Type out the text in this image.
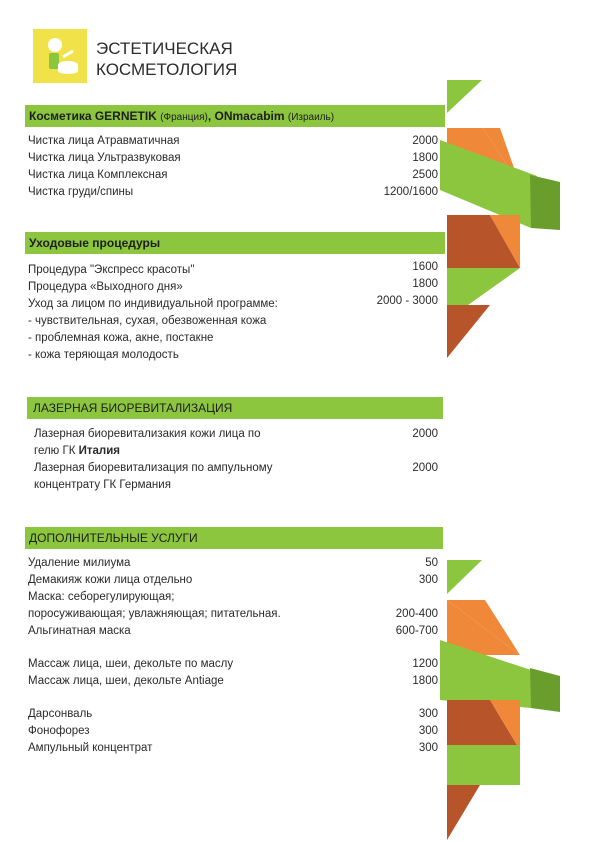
ЭСТЕТИЧЕСКАЯ
КОСМЕТОЛОГИЯ
Косметика GERNETIK (Франция), ONmacabim (Израиль)
Чистка лица Атравматичная	2000
Чистка лица Ультразвуковая	1800
Чистка лица Комплексная	2500
Чистка груди/спины	1200/1600
Уходовые процедуры
Процедура "Экспресс красоты"	1600
Процедура «Выходного дня»	1800
Уход за лицом по индивидуальной программе:	2000 - 3000
- чувствительная, сухая, обезвоженная кожа
- проблемная кожа, акне, постакне
- кожа теряющая молодость
ЛАЗЕРНАЯ БИОРЕВИТАЛИЗАЦИЯ
Лазерная биоревитализакия кожи лица по
гелю ГК Италия
2000
Лазерная биоревитализация по ампульному
концентрату ГК Германия
2000
ДОПОЛНИТЕЛЬНЫЕ УСЛУГИ
Удаление милиума	50
Демакияж кожи лица отдельно	300
Маска: себорегулирующая;
поросуживающая; увлажняющая; питательная.	200-400
Альгинатная маска	600-700
Массаж лица, шеи, декольте по маслу	1200
Массаж лица, шеи, декольте Antiage	1800
Дарсонваль	300
Фонофорез	300
Ампульный концентрат	300
